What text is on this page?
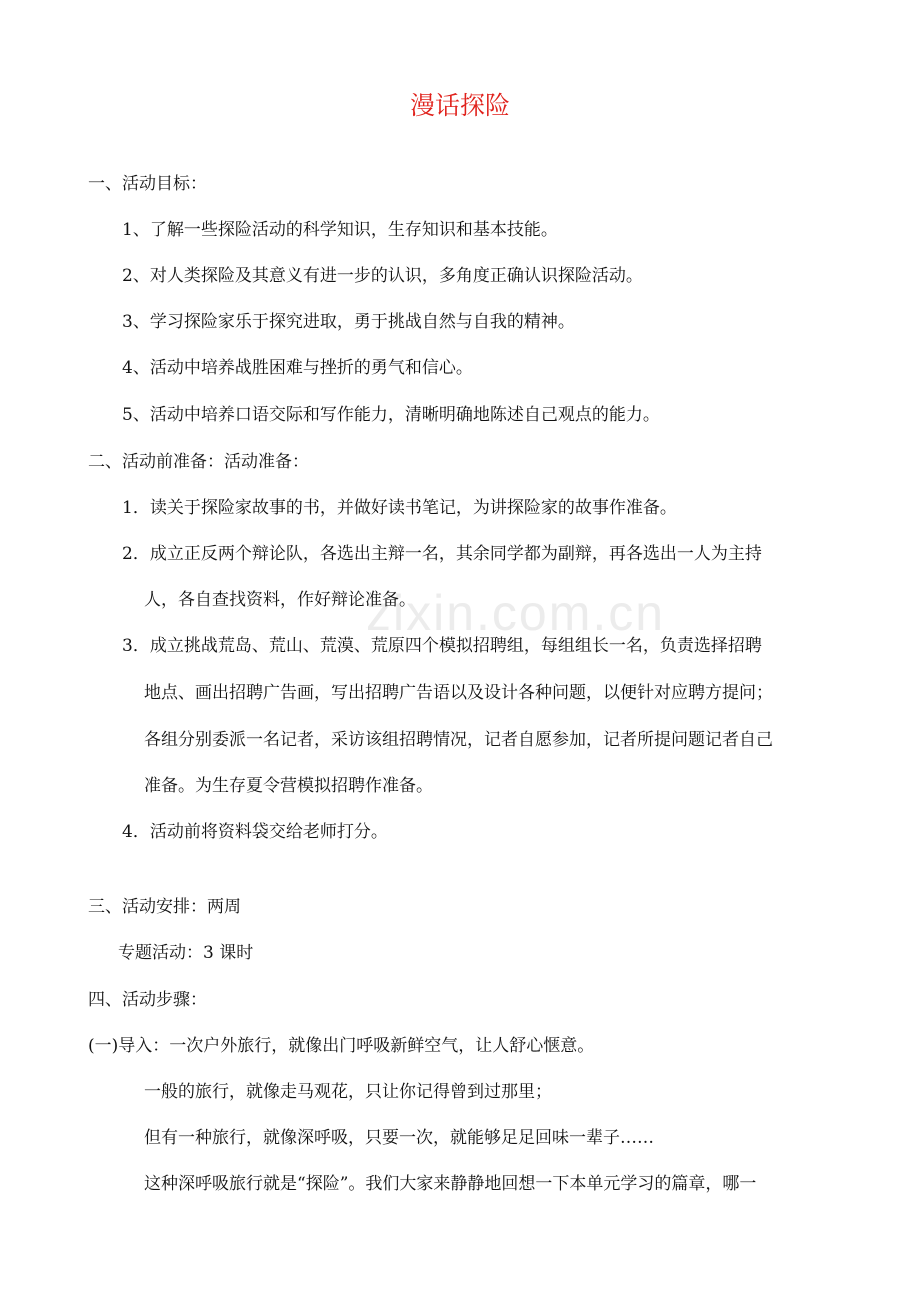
zixin.com.cn
漫话探险
一、活动目标：
1、了解一些探险活动的科学知识，生存知识和基本技能。
2、对人类探险及其意义有进一步的认识，多角度正确认识探险活动。
3、学习探险家乐于探究进取，勇于挑战自然与自我的精神。
4、活动中培养战胜困难与挫折的勇气和信心。
5、活动中培养口语交际和写作能力，清晰明确地陈述自己观点的能力。
二、活动前准备：活动准备：
1．读关于探险家故事的书，并做好读书笔记，为讲探险家的故事作准备。
2．成立正反两个辩论队，各选出主辩一名，其余同学都为副辩，再各选出一人为主持
人，各自查找资料，作好辩论准备。
3．成立挑战荒岛、荒山、荒漠、荒原四个模拟招聘组，每组组长一名，负责选择招聘
地点、画出招聘广告画，写出招聘广告语以及设计各种问题，以便针对应聘方提问；
各组分别委派一名记者，采访该组招聘情况，记者自愿参加，记者所提问题记者自己
准备。为生存夏令营模拟招聘作准备。
4．活动前将资料袋交给老师打分。
三、活动安排：两周
专题活动：3 课时
四、活动步骤：
(一)导入：一次户外旅行，就像出门呼吸新鲜空气，让人舒心惬意。
一般的旅行，就像走马观花，只让你记得曾到过那里；
但有一种旅行，就像深呼吸，只要一次，就能够足足回味一辈子……
这种深呼吸旅行就是“探险”。我们大家来静静地回想一下本单元学习的篇章，哪一
